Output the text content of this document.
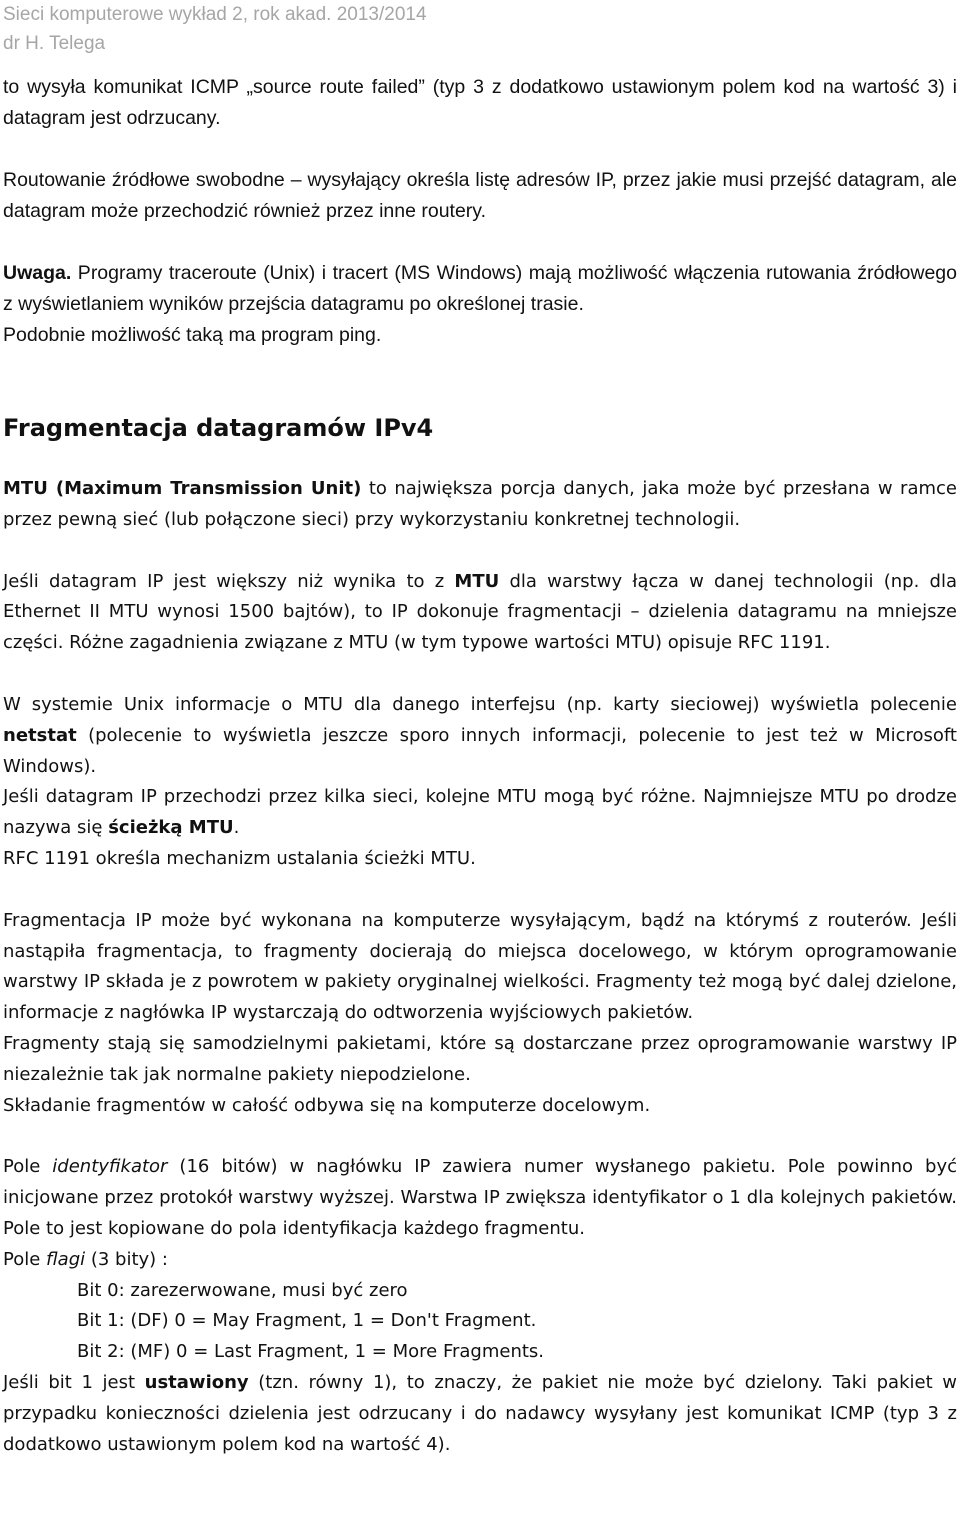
Sieci komputerowe wykład 2, rok akad. 2013/2014
dr H. Telega

to wysyła komunikat ICMP „source route failed” (typ 3 z dodatkowo ustawionym polem kod na wartość 3) i datagram jest odrzucany.

Routowanie źródłowe swobodne – wysyłający określa listę adresów IP, przez jakie musi przejść datagram, ale datagram może przechodzić również przez inne routery.

Uwaga. Programy traceroute (Unix) i tracert (MS Windows) mają możliwość włączenia rutowania źródłowego z wyświetlaniem wyników przejścia datagramu po określonej trasie.

Podobnie możliwość taką ma program ping.

Fragmentacja datagramów IPv4

MTU (Maximum Transmission Unit) to największa porcja danych, jaka może być przesłana w ramce przez pewną sieć (lub połączone sieci) przy wykorzystaniu konkretnej technologii.

Jeśli datagram IP jest większy niż wynika to z MTU dla warstwy łącza w danej technologii (np. dla Ethernet II MTU wynosi 1500 bajtów), to IP dokonuje fragmentacji – dzielenia datagramu na mniejsze części. Różne zagadnienia związane z MTU (w tym typowe wartości MTU) opisuje RFC 1191.

W systemie Unix informacje o MTU dla danego interfejsu (np. karty sieciowej) wyświetla polecenie netstat (polecenie to wyświetla jeszcze sporo innych informacji, polecenie to jest też w Microsoft Windows).

Jeśli datagram IP przechodzi przez kilka sieci, kolejne MTU mogą być różne. Najmniejsze MTU po drodze nazywa się ścieżką MTU.

RFC 1191 określa mechanizm ustalania ścieżki MTU.

Fragmentacja IP może być wykonana na komputerze wysyłającym, bądź na którymś z routerów. Jeśli nastąpiła fragmentacja, to fragmenty docierają do miejsca docelowego, w którym oprogramowanie warstwy IP składa je z powrotem w pakiety oryginalnej wielkości. Fragmenty też mogą być dalej dzielone, informacje z nagłówka IP wystarczają do odtworzenia wyjściowych pakietów.

Fragmenty stają się samodzielnymi pakietami, które są dostarczane przez oprogramowanie warstwy IP niezależnie tak jak normalne pakiety niepodzielone.

Składanie fragmentów w całość odbywa się na komputerze docelowym.

Pole identyfikator (16 bitów) w nagłówku IP zawiera numer wysłanego pakietu. Pole powinno być inicjowane przez protokół warstwy wyższej. Warstwa IP zwiększa identyfikator o 1 dla kolejnych pakietów. Pole to jest kopiowane do pola identyfikacja każdego fragmentu.

Pole flagi (3 bity) :

Bit 0: zarezerwowane, musi być zero

Bit 1: (DF) 0 = May Fragment, 1 = Don't Fragment.

Bit 2: (MF) 0 = Last Fragment, 1 = More Fragments.

Jeśli bit 1 jest ustawiony (tzn. równy 1), to znaczy, że pakiet nie może być dzielony. Taki pakiet w przypadku konieczności dzielenia jest odrzucany i do nadawcy wysyłany jest komunikat ICMP (typ 3 z dodatkowo ustawionym polem kod na wartość 4).
